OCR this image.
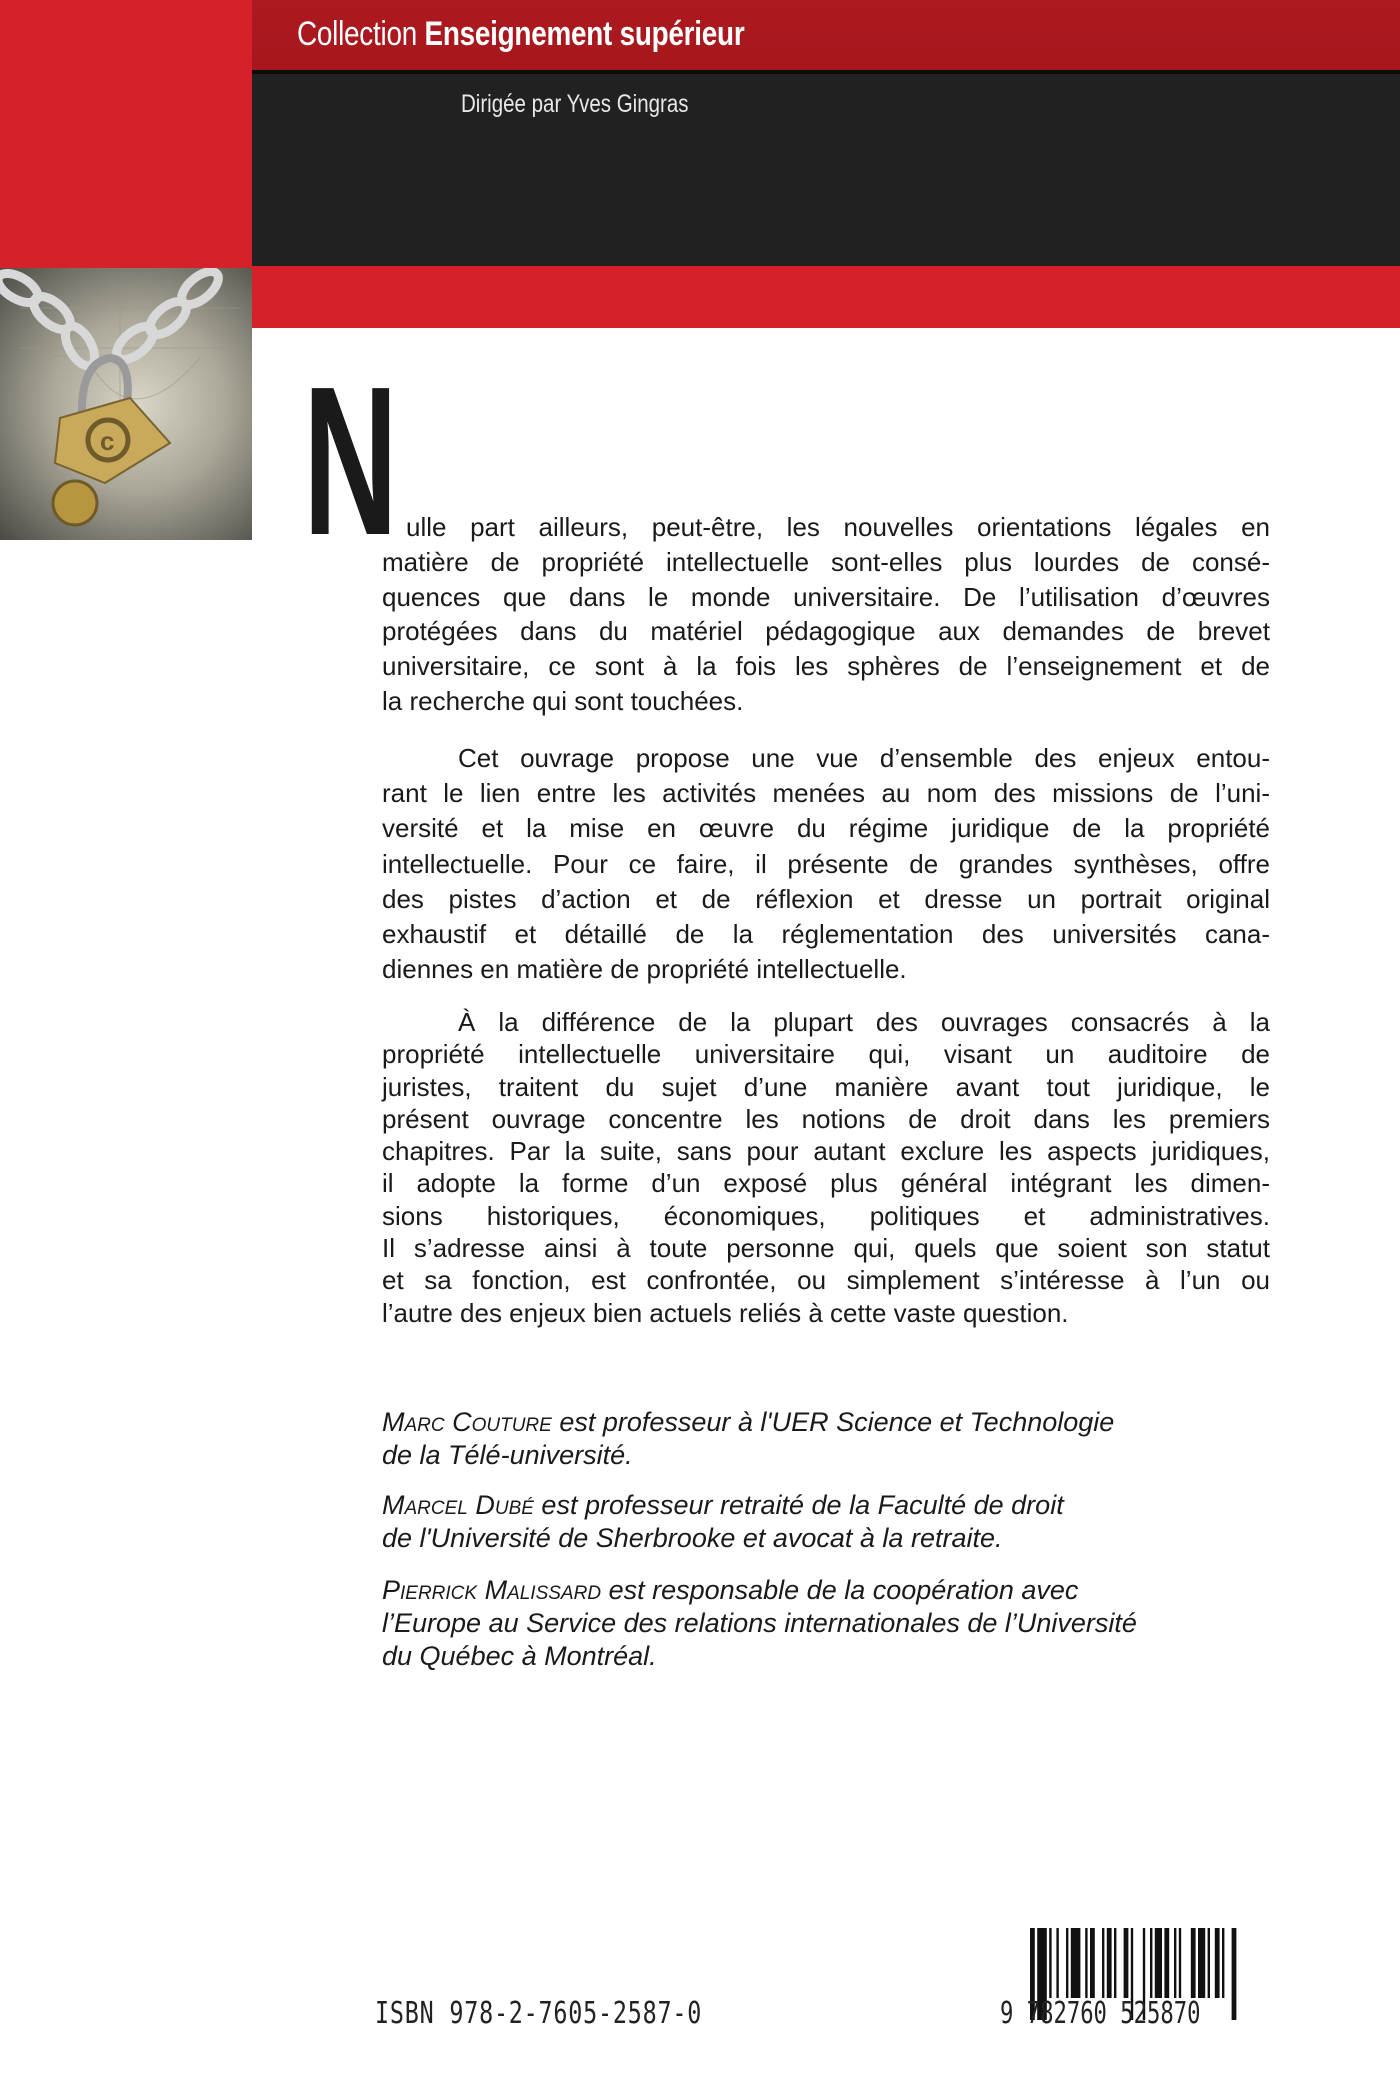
Collection Enseignement supérieur
Dirigée par Yves Gingras
c N ulle part ailleurs, peut-être, les nouvelles orientations légales en
matière de propriété intellectuelle sont-elles plus lourdes de consé-
quences que dans le monde universitaire. De l’utilisation d’œuvres
protégées dans du matériel pédagogique aux demandes de brevet
universitaire, ce sont à la fois les sphères de l’enseignement et de
la recherche qui sont touchées.
Cet ouvrage propose une vue d’ensemble des enjeux entou-
rant le lien entre les activités menées au nom des missions de l’uni-
versité et la mise en œuvre du régime juridique de la propriété
intellectuelle. Pour ce faire, il présente de grandes synthèses, offre
des pistes d’action et de réflexion et dresse un portrait original
exhaustif et détaillé de la réglementation des universités cana-
diennes en matière de propriété intellectuelle.
À la différence de la plupart des ouvrages consacrés à la
propriété intellectuelle universitaire qui, visant un auditoire de
juristes, traitent du sujet d’une manière avant tout juridique, le
présent ouvrage concentre les notions de droit dans les premiers
chapitres. Par la suite, sans pour autant exclure les aspects juridiques,
il adopte la forme d’un exposé plus général intégrant les dimen-
sions historiques, économiques, politiques et administratives.
Il s’adresse ainsi à toute personne qui, quels que soient son statut
et sa fonction, est confrontée, ou simplement s’intéresse à l’un ou
l’autre des enjeux bien actuels reliés à cette vaste question.
Marc Couture est professeur à l'UER Science et Technologie
de la Télé-université.
Marcel Dubé est professeur retraité de la Faculté de droit
de l'Université de Sherbrooke et avocat à la retraite.
Pierrick Malissard est responsable de la coopération avec
l’Europe au Service des relations internationales de l’Université
du Québec à Montréal.
ISBN 978-2-7605-2587-0	9 782760 525870
